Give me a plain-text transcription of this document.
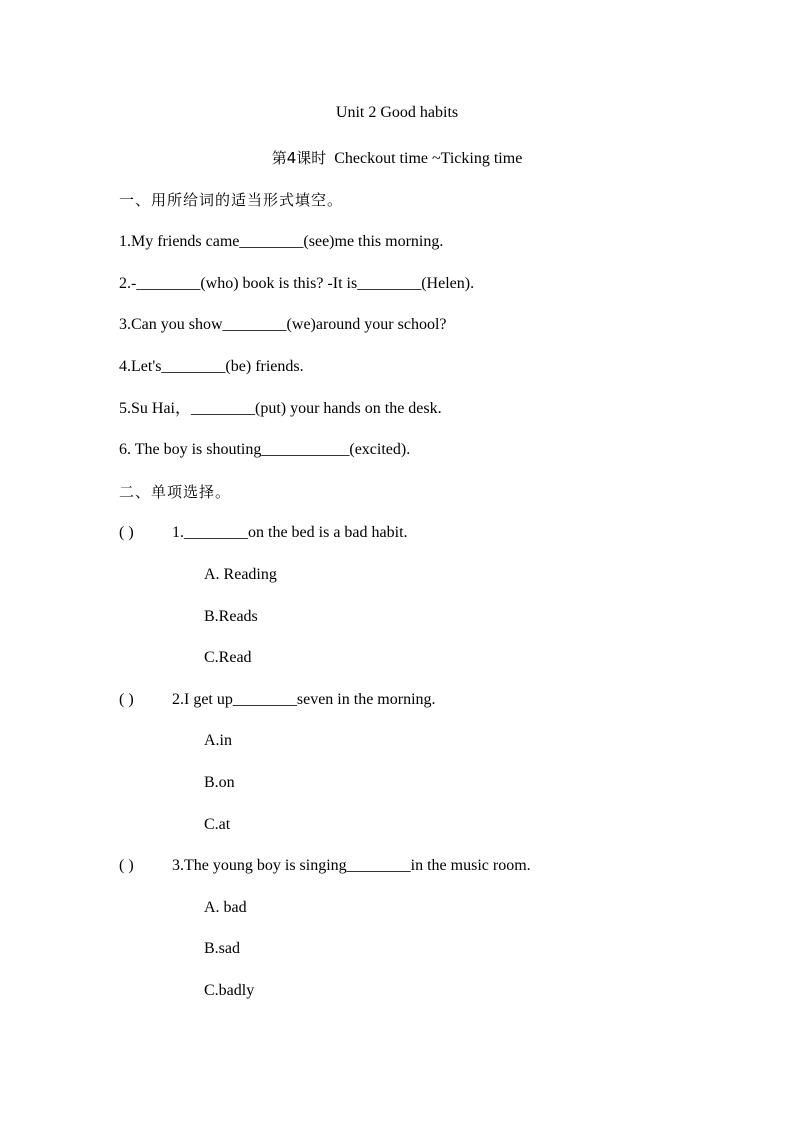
Unit 2 Good habits
第4课时 Checkout time ~Ticking time

一、用所给词的适当形式填空。

1.My friends came________(see)me this morning.

2.-________(who) book is this? -It is________(Helen).

3.Can you show________(we)around your school?

4.Let's________(be) friends.

5.Su Hai，________(put) your hands on the desk.

6. The boy is shouting___________(excited).

二、单项选择。

( ) 1.________on the bed is a bad habit.
A. Reading
B.Reads
C.Read
( ) 2.I get up________seven in the morning.
A.in
B.on
C.at
( ) 3.The young boy is singing________in the music room.
A. bad
B.sad
C.badly
